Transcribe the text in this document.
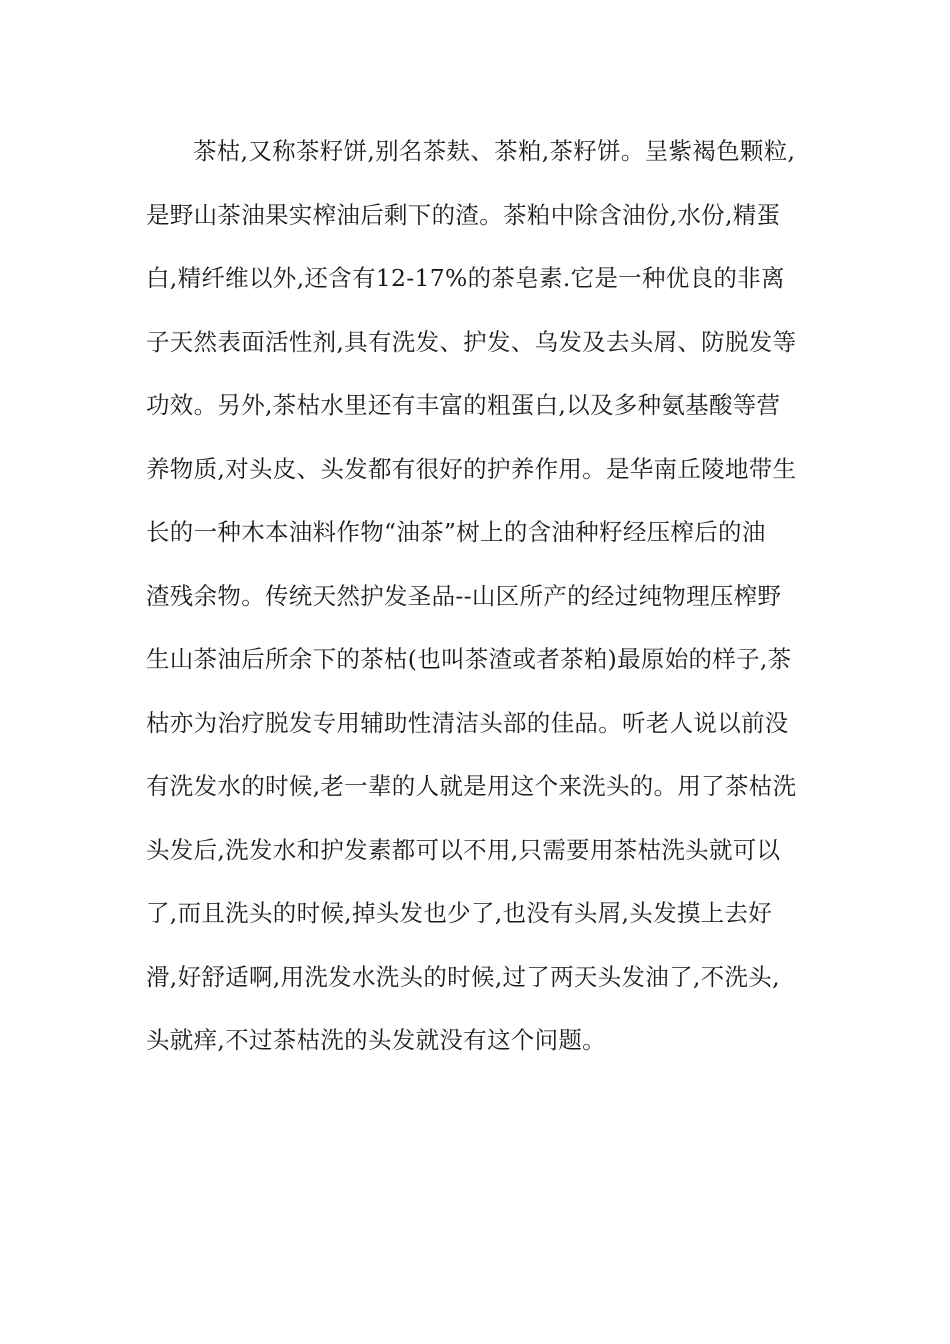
茶枯,又称茶籽饼,别名茶麸、茶粕,茶籽饼。呈紫褐色颗粒,
是野山茶油果实榨油后剩下的渣。茶粕中除含油份,水份,精蛋
白,精纤维以外,还含有12-17%的茶皂素.它是一种优良的非离
子天然表面活性剂,具有洗发、护发、乌发及去头屑、防脱发等
功效。另外,茶枯水里还有丰富的粗蛋白,以及多种氨基酸等营
养物质,对头皮、头发都有很好的护养作用。是华南丘陵地带生
长的一种木本油料作物“油茶”树上的含油种籽经压榨后的油
渣残余物。传统天然护发圣品--山区所产的经过纯物理压榨野
生山茶油后所余下的茶枯(也叫茶渣或者茶粕)最原始的样子,茶
枯亦为治疗脱发专用辅助性清洁头部的佳品。听老人说以前没
有洗发水的时候,老一辈的人就是用这个来洗头的。用了茶枯洗
头发后,洗发水和护发素都可以不用,只需要用茶枯洗头就可以
了,而且洗头的时候,掉头发也少了,也没有头屑,头发摸上去好
滑,好舒适啊,用洗发水洗头的时候,过了两天头发油了,不洗头,
头就痒,不过茶枯洗的头发就没有这个问题。
